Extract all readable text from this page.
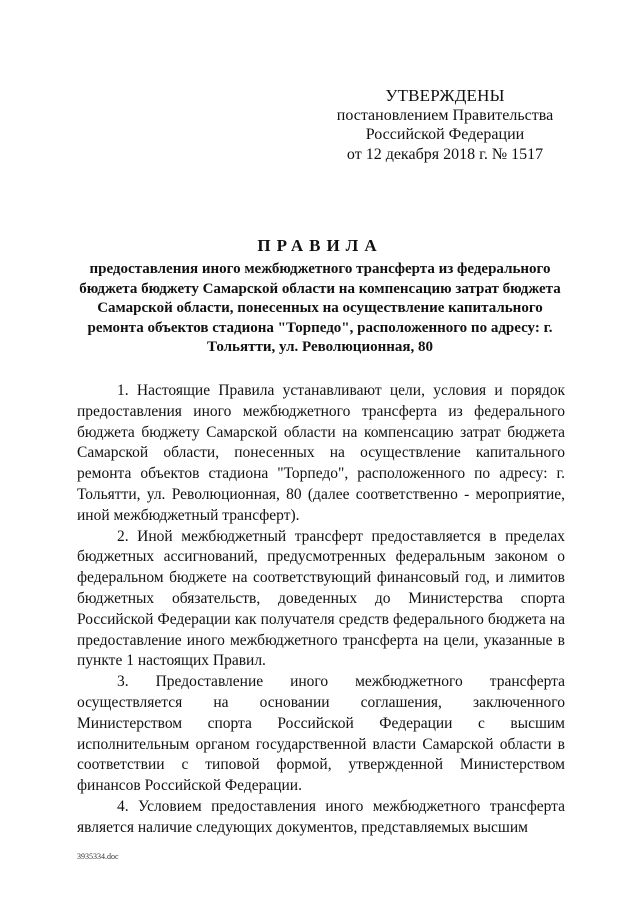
УТВЕРЖДЕНЫ
постановлением Правительства
Российской Федерации
от 12 декабря 2018 г. № 1517
ПРАВИЛА
предоставления иного межбюджетного трансферта из федерального бюджета бюджету Самарской области на компенсацию затрат бюджета Самарской области, понесенных на осуществление капитального ремонта объектов стадиона "Торпедо", расположенного по адресу: г. Тольятти, ул. Революционная, 80

1. Настоящие Правила устанавливают цели, условия и порядок предоставления иного межбюджетного трансферта из федерального бюджета бюджету Самарской области на компенсацию затрат бюджета Самарской области, понесенных на осуществление капитального ремонта объектов стадиона "Торпедо", расположенного по адресу: г. Тольятти, ул. Революционная, 80 (далее соответственно - мероприятие, иной межбюджетный трансферт).

2. Иной межбюджетный трансферт предоставляется в пределах бюджетных ассигнований, предусмотренных федеральным законом о федеральном бюджете на соответствующий финансовый год, и лимитов бюджетных обязательств, доведенных до Министерства спорта Российской Федерации как получателя средств федерального бюджета на предоставление иного межбюджетного трансферта на цели, указанные в пункте 1 настоящих Правил.

3. Предоставление иного межбюджетного трансферта осуществляется на основании соглашения, заключенного Министерством спорта Российской Федерации с высшим исполнительным органом государственной власти Самарской области в соответствии с типовой формой, утвержденной Министерством финансов Российской Федерации.

4. Условием предоставления иного межбюджетного трансферта является наличие следующих документов, представляемых высшим

3935334.doc
